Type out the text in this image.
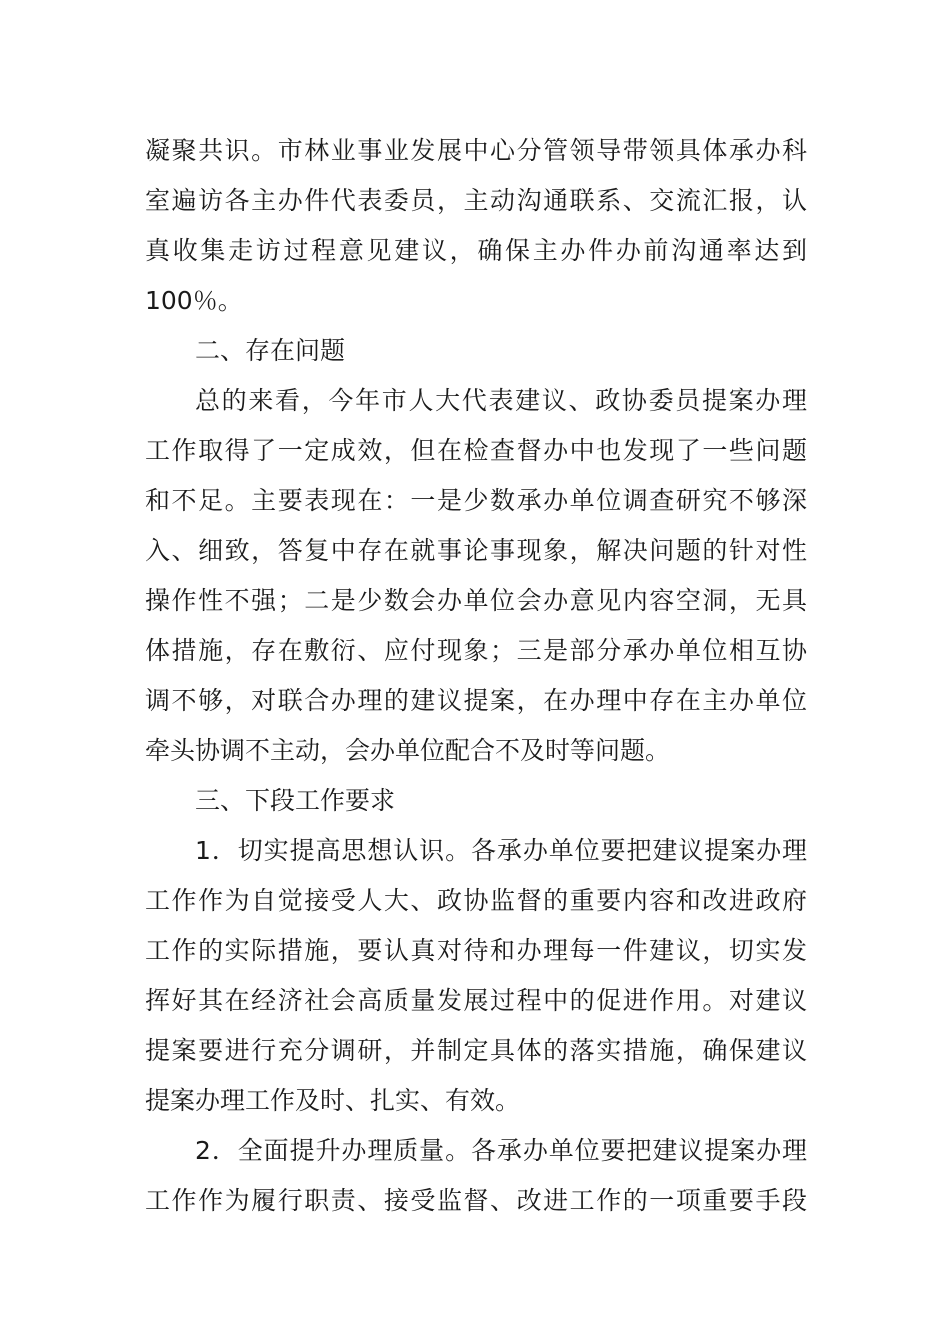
凝聚共识。市林业事业发展中心分管领导带领具体承办科
室遍访各主办件代表委员，主动沟通联系、交流汇报，认
真收集走访过程意见建议，确保主办件办前沟通率达到
100％。
二、存在问题
总的来看，今年市人大代表建议、政协委员提案办理
工作取得了一定成效，但在检查督办中也发现了一些问题
和不足。主要表现在：一是少数承办单位调查研究不够深
入、细致，答复中存在就事论事现象，解决问题的针对性
操作性不强；二是少数会办单位会办意见内容空洞，无具
体措施，存在敷衍、应付现象；三是部分承办单位相互协
调不够，对联合办理的建议提案，在办理中存在主办单位
牵头协调不主动，会办单位配合不及时等问题。
三、下段工作要求
1．切实提高思想认识。各承办单位要把建议提案办理
工作作为自觉接受人大、政协监督的重要内容和改进政府
工作的实际措施，要认真对待和办理每一件建议，切实发
挥好其在经济社会高质量发展过程中的促进作用。对建议
提案要进行充分调研，并制定具体的落实措施，确保建议
提案办理工作及时、扎实、有效。
2．全面提升办理质量。各承办单位要把建议提案办理
工作作为履行职责、接受监督、改进工作的一项重要手段
